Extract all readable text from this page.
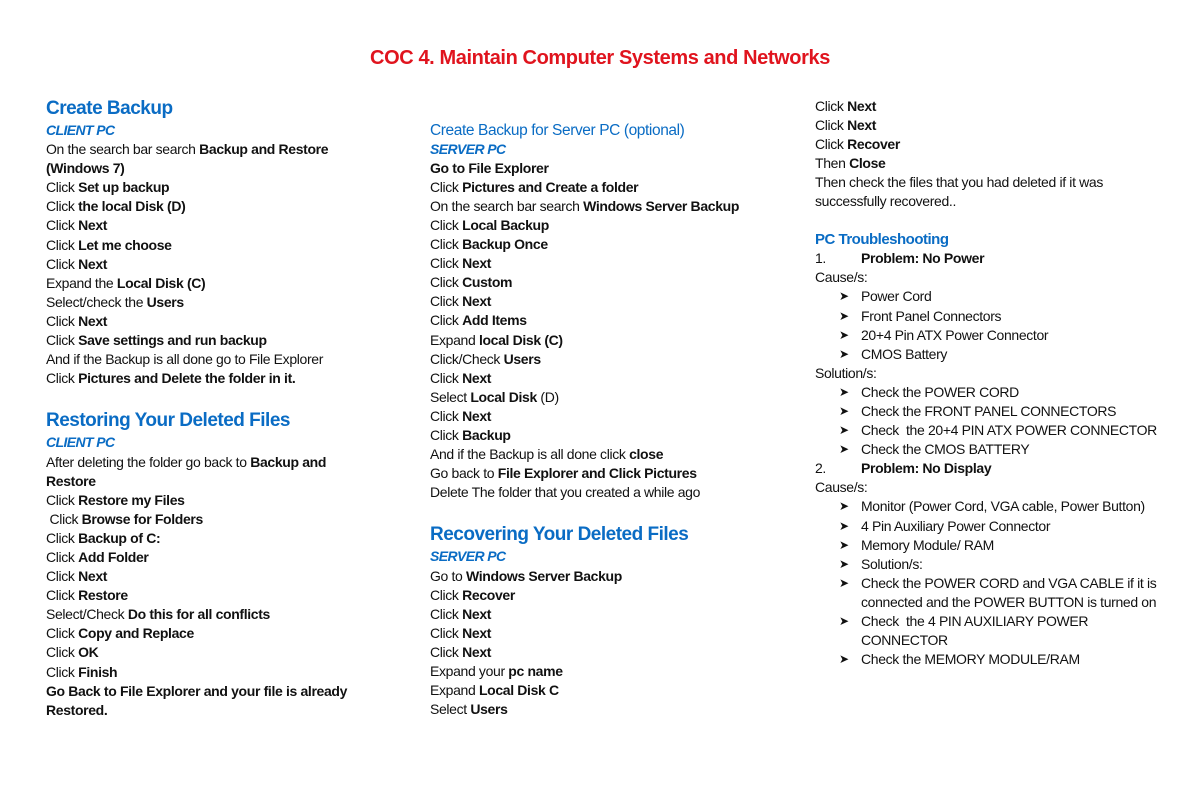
COC 4. Maintain Computer Systems and Networks
Create Backup
CLIENT PC
On the search bar search Backup and Restore
(Windows 7)
Click Set up backup
Click the local Disk (D)
Click Next
Click Let me choose
Click Next
Expand the Local Disk (C)
Select/check the Users
Click Next
Click Save settings and run backup
And if the Backup is all done go to File Explorer
Click Pictures and Delete the folder in it.
Restoring Your Deleted Files
CLIENT PC
After deleting the folder go back to Backup and
Restore
Click Restore my Files
Click Browse for Folders
Click Backup of C:
Click Add Folder
Click Next
Click Restore
Select/Check Do this for all conflicts
Click Copy and Replace
Click OK
Click Finish
Go Back to File Explorer and your file is already
Restored.
Create Backup for Server PC (optional)
SERVER PC
Go to File Explorer
Click Pictures and Create a folder
On the search bar search Windows Server Backup
Click Local Backup
Click Backup Once
Click Next
Click Custom
Click Next
Click Add Items
Expand local Disk (C)
Click/Check Users
Click Next
Select Local Disk (D)
Click Next
Click Backup
And if the Backup is all done click close
Go back to File Explorer and Click Pictures
Delete The folder that you created a while ago
Recovering Your Deleted Files
SERVER PC
Go to Windows Server Backup
Click Recover
Click Next
Click Next
Click Next
Expand your pc name
Expand Local Disk C
Select Users
Click Next
Click Next
Click Recover
Then Close
Then check the files that you had deleted if it was
successfully recovered..
PC Troubleshooting
1.	Problem: No Power
Cause/s:
➤ Power Cord
➤ Front Panel Connectors
➤ 20+4 Pin ATX Power Connector
➤ CMOS Battery
Solution/s:
➤ Check the POWER CORD
➤ Check the FRONT PANEL CONNECTORS
➤ Check  the 20+4 PIN ATX POWER CONNECTOR
➤ Check the CMOS BATTERY
2.	Problem: No Display
Cause/s:
➤ Monitor (Power Cord, VGA cable, Power Button)
➤ 4 Pin Auxiliary Power Connector
➤ Memory Module/ RAM
➤ Solution/s:
➤ Check the POWER CORD and VGA CABLE if it is connected and the POWER BUTTON is turned on
➤ Check  the 4 PIN AUXILIARY POWER CONNECTOR
➤ Check the MEMORY MODULE/RAM
